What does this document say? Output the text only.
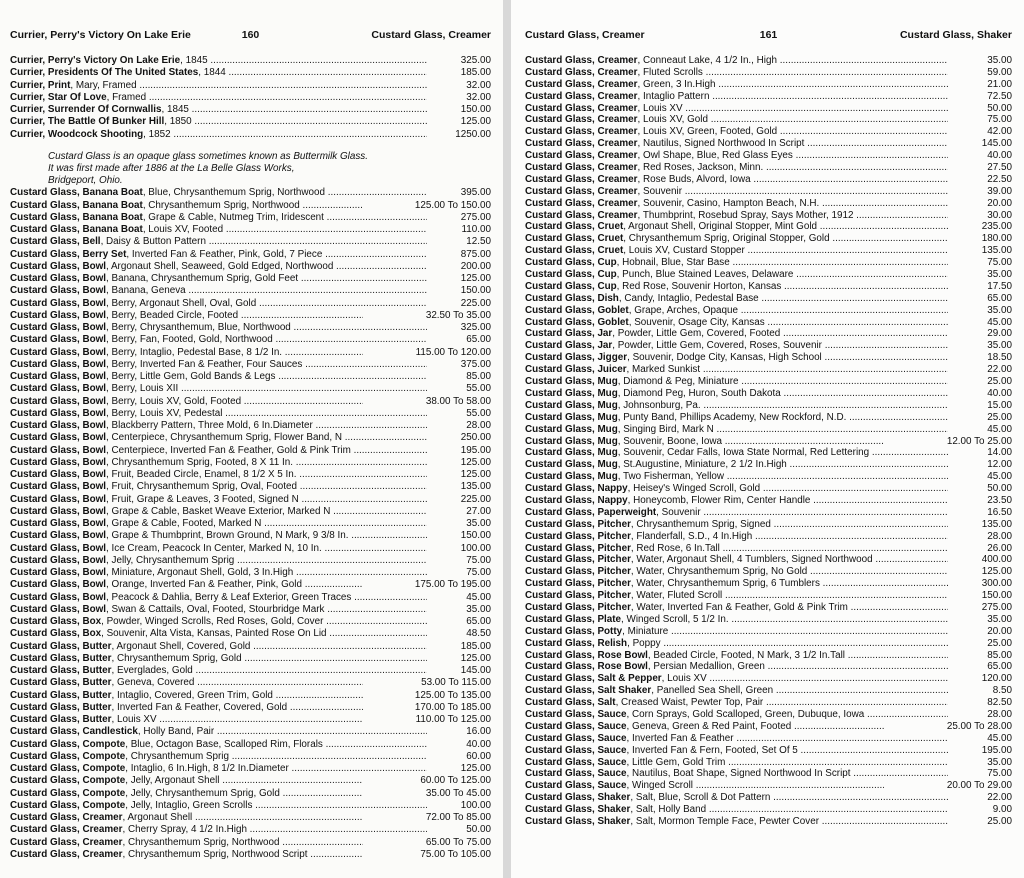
Currier, Perry's Victory On Lake Erie	160	Custard Glass, Creamer
Currier, Perry's Victory On Lake Erie, 1845 .....	325.00
Currier, Presidents Of The United States, 1844 .....	185.00
Currier, Print, Mary, Framed .....	32.00
Currier, Star Of Love, Framed .....	32.00
Currier, Surrender Of Cornwallis, 1845 .....	150.00
Currier, The Battle Of Bunker Hill, 1850 .....	125.00
Currier, Woodcock Shooting, 1852 .....	1250.00
Custard Glass is an opaque glass sometimes known as Buttermilk Glass.
It was first made after 1886 at the La Belle Glass Works,
Bridgeport, Ohio.
Custard Glass, Banana Boat, Blue, Chrysanthemum Sprig, Northwood .....	395.00
Custard Glass, Banana Boat, Chrysanthemum Sprig, Northwood .....	125.00 To 150.00
Custard Glass, Banana Boat, Grape & Cable, Nutmeg Trim, Iridescent .....	275.00
Custard Glass, Banana Boat, Louis XV, Footed .....	110.00
Custard Glass, Bell, Daisy & Button Pattern .....	12.50
Custard Glass, Berry Set, Inverted Fan & Feather, Pink, Gold, 7 Piece .....	875.00
Custard Glass, Bowl, Argonaut Shell, Seaweed, Gold Edged, Northwood .....	200.00
Custard Glass, Bowl, Banana, Chrysanthemum Sprig, Gold Feet .....	125.00
Custard Glass, Bowl, Banana, Geneva .....	150.00
Custard Glass, Bowl, Berry, Argonaut Shell, Oval, Gold .....	225.00
Custard Glass, Bowl, Berry, Beaded Circle, Footed .....	32.50 To 35.00
Custard Glass, Bowl, Berry, Chrysanthemum, Blue, Northwood .....	325.00
Custard Glass, Bowl, Berry, Fan, Footed, Gold, Northwood .....	65.00
Custard Glass, Bowl, Berry, Intaglio, Pedestal Base, 8 1/2 In. .....	115.00 To 120.00
Custard Glass, Bowl, Berry, Inverted Fan & Feather, Four Sauces .....	375.00
Custard Glass, Bowl, Berry, Little Gem, Gold Bands & Legs .....	85.00
Custard Glass, Bowl, Berry, Louis XII .....	55.00
Custard Glass, Bowl, Berry, Louis XV, Gold, Footed .....	38.00 To 58.00
Custard Glass, Bowl, Berry, Louis XV, Pedestal .....	55.00
Custard Glass, Bowl, Blackberry Pattern, Three Mold, 6 In.Diameter .....	28.00
Custard Glass, Bowl, Centerpiece, Chrysanthemum Sprig, Flower Band, N .....	250.00
Custard Glass, Bowl, Centerpiece, Inverted Fan & Feather, Gold & Pink Trim .....	195.00
Custard Glass, Bowl, Chrysanthemum Sprig, Footed, 8 X 11 In. .....	125.00
Custard Glass, Bowl, Fruit, Beaded Circle, Enamel, 8 1/2 X 5 In. .....	125.00
Custard Glass, Bowl, Fruit, Chrysanthemum Sprig, Oval, Footed .....	135.00
Custard Glass, Bowl, Fruit, Grape & Leaves, 3 Footed, Signed N .....	225.00
Custard Glass, Bowl, Grape & Cable, Basket Weave Exterior, Marked N .....	27.00
Custard Glass, Bowl, Grape & Cable, Footed, Marked N .....	35.00
Custard Glass, Bowl, Grape & Thumbprint, Brown Ground, N Mark, 9 3/8 In. .....	150.00
Custard Glass, Bowl, Ice Cream, Peacock In Center, Marked N, 10 In. .....	100.00
Custard Glass, Bowl, Jelly, Chrysanthemum Sprig .....	75.00
Custard Glass, Bowl, Miniature, Argonaut Shell, Gold, 3 In.High .....	75.00
Custard Glass, Bowl, Orange, Inverted Fan & Feather, Pink, Gold .....	175.00 To 195.00
Custard Glass, Bowl, Peacock & Dahlia, Berry & Leaf Exterior, Green Traces .....	45.00
Custard Glass, Bowl, Swan & Cattails, Oval, Footed, Stourbridge Mark .....	35.00
Custard Glass, Box, Powder, Winged Scrolls, Red Roses, Gold, Cover .....	65.00
Custard Glass, Box, Souvenir, Alta Vista, Kansas, Painted Rose On Lid .....	48.50
Custard Glass, Butter, Argonaut Shell, Covered, Gold .....	185.00
Custard Glass, Butter, Chrysanthemum Sprig, Gold .....	125.00
Custard Glass, Butter, Everglades, Gold .....	145.00
Custard Glass, Butter, Geneva, Covered .....	53.00 To 115.00
Custard Glass, Butter, Intaglio, Covered, Green Trim, Gold .....	125.00 To 135.00
Custard Glass, Butter, Inverted Fan & Feather, Covered, Gold .....	170.00 To 185.00
Custard Glass, Butter, Louis XV .....	110.00 To 125.00
Custard Glass, Candlestick, Holly Band, Pair .....	16.00
Custard Glass, Compote, Blue, Octagon Base, Scalloped Rim, Florals .....	40.00
Custard Glass, Compote, Chrysanthemum Sprig .....	60.00
Custard Glass, Compote, Intaglio, 6 In.High, 8 1/2 In.Diameter .....	125.00
Custard Glass, Compote, Jelly, Argonaut Shell .....	60.00 To 125.00
Custard Glass, Compote, Jelly, Chrysanthemum Sprig, Gold .....	35.00 To 45.00
Custard Glass, Compote, Jelly, Intaglio, Green Scrolls .....	100.00
Custard Glass, Creamer, Argonaut Shell .....	72.00 To 85.00
Custard Glass, Creamer, Cherry Spray, 4 1/2 In.High .....	50.00
Custard Glass, Creamer, Chrysanthemum Sprig, Northwood .....	65.00 To 75.00
Custard Glass, Creamer, Chrysanthemum Sprig, Northwood Script .....	75.00 To 105.00
Custard Glass, Creamer	161	Custard Glass, Shaker
Custard Glass, Creamer, Conneaut Lake, 4 1/2 In., High .....	35.00
Custard Glass, Creamer, Fluted Scrolls .....	59.00
Custard Glass, Creamer, Green, 3 In.High .....	21.00
Custard Glass, Creamer, Intaglio Pattern .....	72.50
Custard Glass, Creamer, Louis XV .....	50.00
Custard Glass, Creamer, Louis XV, Gold .....	75.00
Custard Glass, Creamer, Louis XV, Green, Footed, Gold .....	42.00
Custard Glass, Creamer, Nautilus, Signed Northwood In Script .....	145.00
Custard Glass, Creamer, Owl Shape, Blue, Red Glass Eyes .....	40.00
Custard Glass, Creamer, Red Roses, Jackson, Minn. .....	27.50
Custard Glass, Creamer, Rose Buds, Alvord, Iowa .....	22.50
Custard Glass, Creamer, Souvenir .....	39.00
Custard Glass, Creamer, Souvenir, Casino, Hampton Beach, N.H. .....	20.00
Custard Glass, Creamer, Thumbprint, Rosebud Spray, Says Mother, 1912 .....	30.00
Custard Glass, Cruet, Argonaut Shell, Original Stopper, Mint Gold .....	235.00
Custard Glass, Cruet, Chrysanthemum Sprig, Original Stopper, Gold .....	180.00
Custard Glass, Cruet, Louis XV, Custard Stopper .....	135.00
Custard Glass, Cup, Hobnail, Blue, Star Base .....	75.00
Custard Glass, Cup, Punch, Blue Stained Leaves, Delaware .....	35.00
Custard Glass, Cup, Red Rose, Souvenir Horton, Kansas .....	17.50
Custard Glass, Dish, Candy, Intaglio, Pedestal Base .....	65.00
Custard Glass, Goblet, Grape, Arches, Opaque .....	35.00
Custard Glass, Goblet, Souvenir, Osage City, Kansas .....	45.00
Custard Glass, Jar, Powder, Little Gem, Covered, Footed .....	29.00
Custard Glass, Jar, Powder, Little Gem, Covered, Roses, Souvenir .....	35.00
Custard Glass, Jigger, Souvenir, Dodge City, Kansas, High School .....	18.50
Custard Glass, Juicer, Marked Sunkist .....	22.00
Custard Glass, Mug, Diamond & Peg, Miniature .....	25.00
Custard Glass, Mug, Diamond Peg, Huron, South Dakota .....	40.00
Custard Glass, Mug, Johnsonburg, Pa. .....	15.00
Custard Glass, Mug, Punty Band, Phillips Academy, New Rockford, N.D. .....	25.00
Custard Glass, Mug, Singing Bird, Mark N .....	45.00
Custard Glass, Mug, Souvenir, Boone, Iowa .....	12.00 To 25.00
Custard Glass, Mug, Souvenir, Cedar Falls, Iowa State Normal, Red Lettering .....	14.00
Custard Glass, Mug, St.Augustine, Miniature, 2 1/2 In.High .....	12.00
Custard Glass, Mug, Two Fisherman, Yellow .....	45.00
Custard Glass, Nappy, Heisey's Winged Scroll, Gold .....	50.00
Custard Glass, Nappy, Honeycomb, Flower Rim, Center Handle .....	23.50
Custard Glass, Paperweight, Souvenir .....	16.50
Custard Glass, Pitcher, Chrysanthemum Sprig, Signed .....	135.00
Custard Glass, Pitcher, Flanderfall, S.D., 4 In.High .....	28.00
Custard Glass, Pitcher, Red Rose, 6 In.Tall .....	26.00
Custard Glass, Pitcher, Water, Argonaut Shell, 4 Tumblers, Signed Northwood .....	400.00
Custard Glass, Pitcher, Water, Chrysanthemum Sprig, No Gold .....	125.00
Custard Glass, Pitcher, Water, Chrysanthemum Sprig, 6 Tumblers .....	300.00
Custard Glass, Pitcher, Water, Fluted Scroll .....	150.00
Custard Glass, Pitcher, Water, Inverted Fan & Feather, Gold & Pink Trim .....	275.00
Custard Glass, Plate, Winged Scroll, 5 1/2 In. .....	35.00
Custard Glass, Potty, Miniature .....	20.00
Custard Glass, Relish, Poppy .....	25.00
Custard Glass, Rose Bowl, Beaded Circle, Footed, N Mark, 3 1/2 In.Tall .....	85.00
Custard Glass, Rose Bowl, Persian Medallion, Green .....	65.00
Custard Glass, Salt & Pepper, Louis XV .....	120.00
Custard Glass, Salt Shaker, Panelled Sea Shell, Green .....	8.50
Custard Glass, Salt, Creased Waist, Pewter Top, Pair .....	82.50
Custard Glass, Sauce, Corn Sprays, Gold Scalloped, Green, Dubuque, Iowa .....	28.00
Custard Glass, Sauce, Geneva, Green & Red Paint, Footed .....	25.00 To 28.00
Custard Glass, Sauce, Inverted Fan & Feather .....	45.00
Custard Glass, Sauce, Inverted Fan & Fern, Footed, Set Of 5 .....	195.00
Custard Glass, Sauce, Little Gem, Gold Trim .....	35.00
Custard Glass, Sauce, Nautilus, Boat Shape, Signed Northwood In Script .....	75.00
Custard Glass, Sauce, Winged Scroll .....	20.00 To 29.00
Custard Glass, Shaker, Salt, Blue, Scroll & Dot Pattern .....	22.00
Custard Glass, Shaker, Salt, Holly Band .....	9.00
Custard Glass, Shaker, Salt, Mormon Temple Face, Pewter Cover .....	25.00
